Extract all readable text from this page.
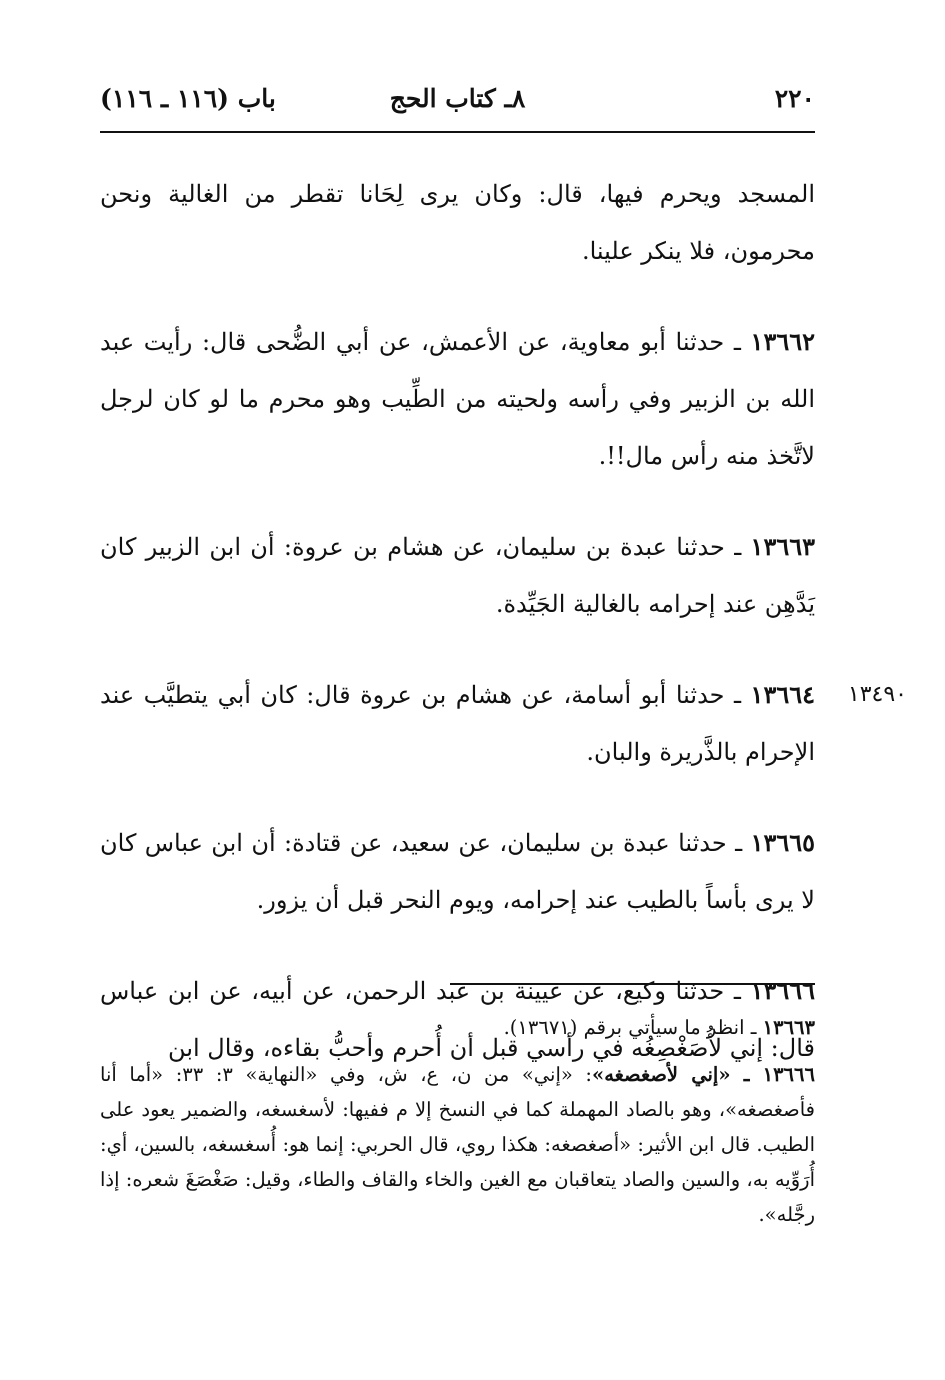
٢٢٠
٨ـ كتاب الحج
باب (١١٦ ـ ١١٦)

المسجد ويحرم فيها، قال: وكان يرى لِحَانا تقطر من الغالية ونحن محرمون، فلا ينكر علينا.

١٣٦٦٢ ـ حدثنا أبو معاوية، عن الأعمش، عن أبي الضُّحى قال: رأيت عبد الله بن الزبير وفي رأسه ولحيته من الطِّيب وهو محرم ما لو كان لرجل لاتَّخذ منه رأس مال!!.

١٣٦٦٣ ـ حدثنا عبدة بن سليمان، عن هشام بن عروة: أن ابن الزبير كان يَدَّهِن عند إحرامه بالغالية الجَيِّدة.

١٣٤٩٠
١٣٦٦٤ ـ حدثنا أبو أسامة، عن هشام بن عروة قال: كان أبي يتطيَّب عند الإحرام بالذَّريرة والبان.

١٣٦٦٥ ـ حدثنا عبدة بن سليمان، عن سعيد، عن قتادة: أن ابن عباس كان لا يرى بأساً بالطيب عند إحرامه، ويوم النحر قبل أن يزور.

١٣٦٦٦ ـ حدثنا وكيع، عن عيينة بن عبد الرحمن، عن أبيه، عن ابن عباس قال: إني لأُصَغْصِغُه في رأسي قبل أن أُحرم وأحبُّ بقاءه، وقال ابن

١٣٦٦٣ ـ انظر ما سيأتي برقم (١٣٦٧١).

١٣٦٦٦ ـ «إني لأصغصغه»: «إني» من ن، ع، ش، وفي «النهاية» ٣: ٣٣: «أما أنا فأصغصغه»، وهو بالصاد المهملة كما في النسخ إلا م ففيها: لأسغسغه، والضمير يعود على الطيب. قال ابن الأثير: «أصغصغه: هكذا روي، قال الحربي: إنما هو: أُسغسغه، بالسين، أي: أُرَوِّيه به، والسين والصاد يتعاقبان مع الغين والخاء والقاف والطاء، وقيل: صَغْصَغَ شعره: إذا رجَّله».
